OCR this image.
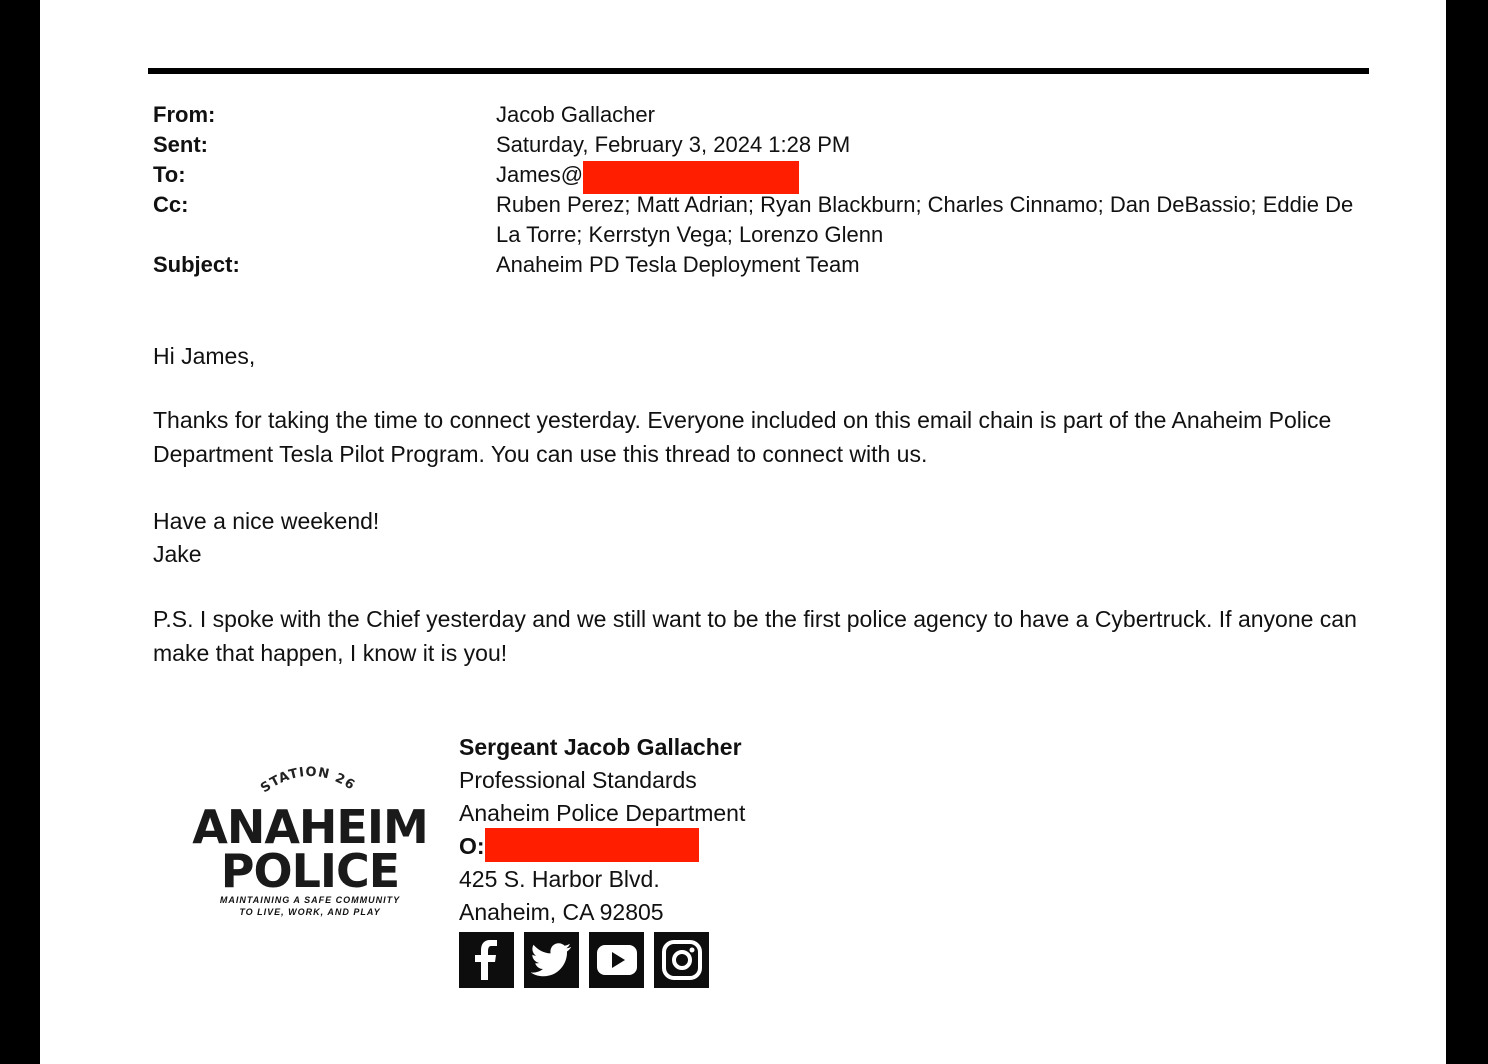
From:	Jacob Gallacher
Sent:	Saturday, February 3, 2024 1:28 PM
To:	James@
Cc:	Ruben Perez; Matt Adrian; Ryan Blackburn; Charles Cinnamo; Dan DeBassio; Eddie De La Torre; Kerrstyn Vega; Lorenzo Glenn
Subject:	Anaheim PD Tesla Deployment Team
Hi James,
Thanks for taking the time to connect yesterday. Everyone included on this email chain is part of the Anaheim Police Department Tesla Pilot Program. You can use this thread to connect with us.
Have a nice weekend!
Jake
P.S. I spoke with the Chief yesterday and we still want to be the first police agency to have a Cybertruck. If anyone can make that happen, I know it is you!
STATION 26
ANAHEIM
POLICE
MAINTAINING A SAFE COMMUNITY
TO LIVE, WORK, AND PLAY
Sergeant Jacob Gallacher
Professional Standards
Anaheim Police Department
O:
425 S. Harbor Blvd.
Anaheim, CA 92805
